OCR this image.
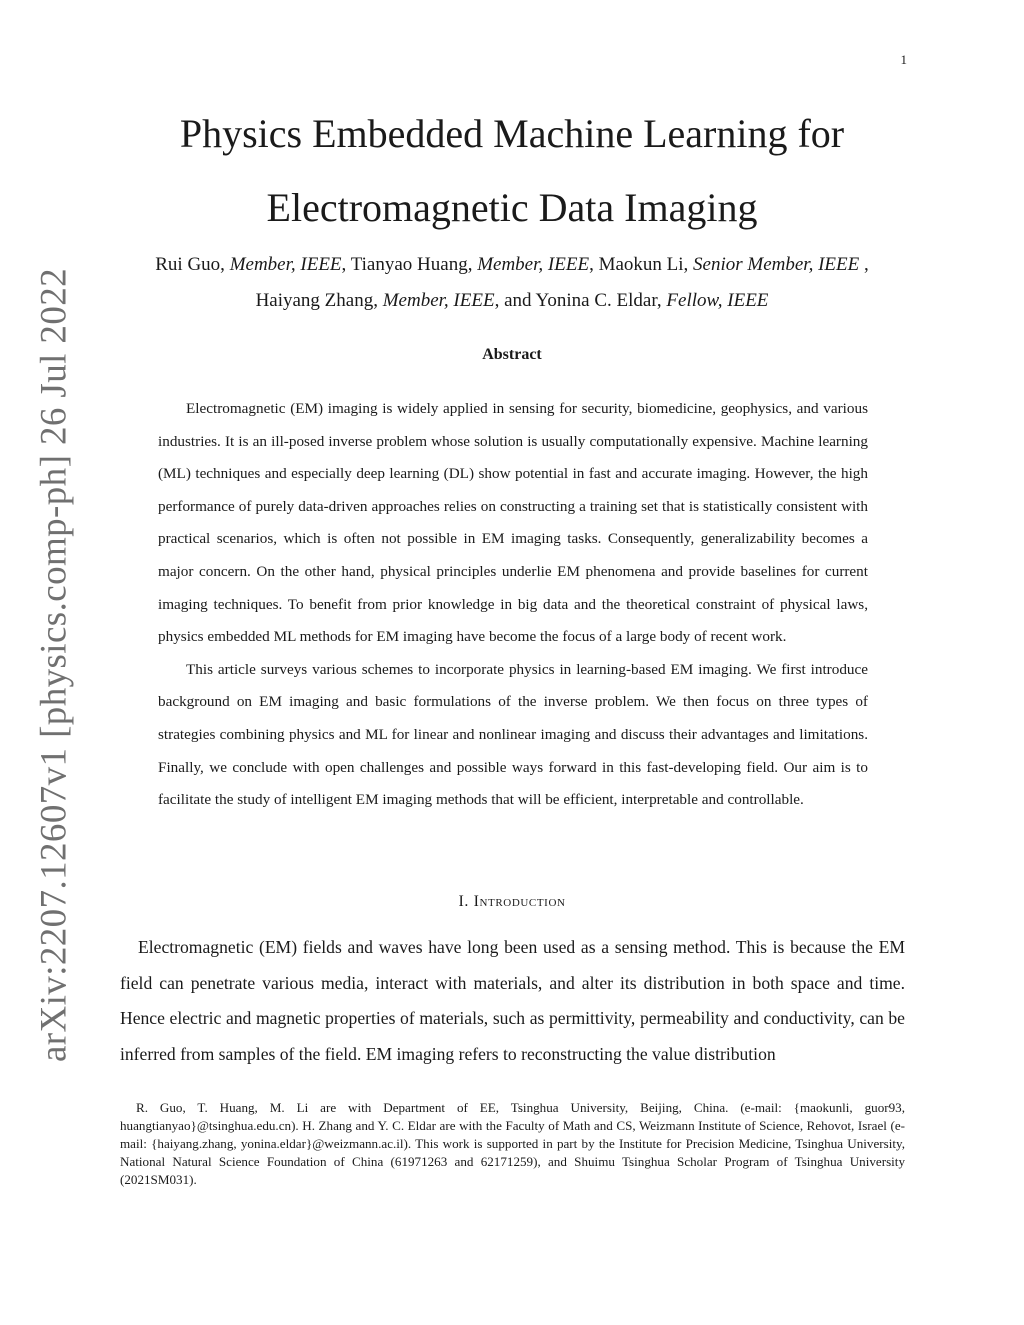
1
arXiv:2207.12607v1 [physics.comp-ph] 26 Jul 2022
Physics Embedded Machine Learning for
Electromagnetic Data Imaging
Rui Guo, Member, IEEE, Tianyao Huang, Member, IEEE, Maokun Li, Senior Member, IEEE ,
Haiyang Zhang, Member, IEEE, and Yonina C. Eldar, Fellow, IEEE
Abstract

Electromagnetic (EM) imaging is widely applied in sensing for security, biomedicine, geophysics, and various industries. It is an ill-posed inverse problem whose solution is usually computationally expensive. Machine learning (ML) techniques and especially deep learning (DL) show potential in fast and accurate imaging. However, the high performance of purely data-driven approaches relies on constructing a training set that is statistically consistent with practical scenarios, which is often not possible in EM imaging tasks. Consequently, generalizability becomes a major concern. On the other hand, physical principles underlie EM phenomena and provide baselines for current imaging techniques. To benefit from prior knowledge in big data and the theoretical constraint of physical laws, physics embedded ML methods for EM imaging have become the focus of a large body of recent work.

This article surveys various schemes to incorporate physics in learning-based EM imaging. We first introduce background on EM imaging and basic formulations of the inverse problem. We then focus on three types of strategies combining physics and ML for linear and nonlinear imaging and discuss their advantages and limitations. Finally, we conclude with open challenges and possible ways forward in this fast-developing field. Our aim is to facilitate the study of intelligent EM imaging methods that will be efficient, interpretable and controllable.

I. Introduction

Electromagnetic (EM) fields and waves have long been used as a sensing method. This is because the EM field can penetrate various media, interact with materials, and alter its distribution in both space and time. Hence electric and magnetic properties of materials, such as permittivity, permeability and conductivity, can be inferred from samples of the field. EM imaging refers to reconstructing the value distribution

R. Guo, T. Huang, M. Li are with Department of EE, Tsinghua University, Beijing, China. (e-mail: {maokunli, guor93, huangtianyao}@tsinghua.edu.cn). H. Zhang and Y. C. Eldar are with the Faculty of Math and CS, Weizmann Institute of Science, Rehovot, Israel (e-mail: {haiyang.zhang, yonina.eldar}@weizmann.ac.il). This work is supported in part by the Institute for Precision Medicine, Tsinghua University, National Natural Science Foundation of China (61971263 and 62171259), and Shuimu Tsinghua Scholar Program of Tsinghua University (2021SM031).
